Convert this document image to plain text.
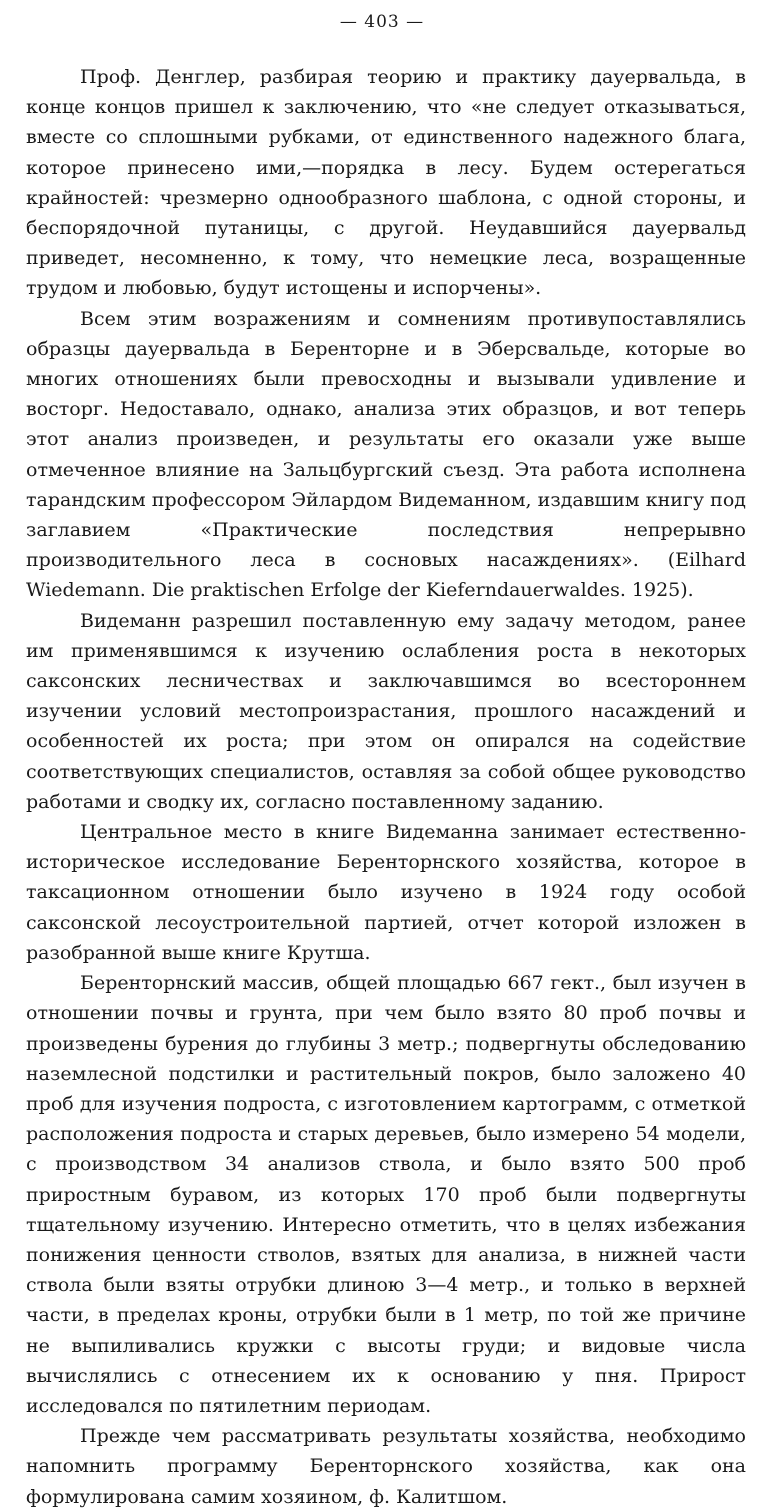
— 403 —

Проф. Денглер, разбирая теорию и практику дауервальда, в конце концов пришел к заключению, что «не следует отказываться, вместе со сплошными рубками, от единственного надежного блага, которое принесено ими,—порядка в лесу. Будем остерегаться крайностей: чрезмерно однообразного шаблона, с одной стороны, и беспорядочной путаницы, с другой. Неудавшийся дауервальд приведет, несомненно, к тому, что немецкие леса, возращенные трудом и любовью, будут истощены и испорчены».

Всем этим возражениям и сомнениям противупоставлялись образцы дауервальда в Беренторне и в Эберсвальде, которые во многих отношениях были превосходны и вызывали удивление и восторг. Недоставало, однако, анализа этих образцов, и вот теперь этот анализ произведен, и результаты его оказали уже выше отмеченное влияние на Зальцбургский съезд. Эта работа исполнена тарандским профессором Эйлардом Видеманном, издавшим книгу под заглавием «Практические последствия непрерывно производительного леса в сосновых насаждениях». (Eilhard Wiedemann. Die praktischen Erfolge der Kieferndauerwaldes. 1925).

Видеманн разрешил поставленную ему задачу методом, ранее им применявшимся к изучению ослабления роста в некоторых саксонских лесничествах и заключавшимся во всестороннем изучении условий местопроизрастания, прошлого насаждений и особенностей их роста; при этом он опирался на содействие соответствующих специалистов, оставляя за собой общее руководство работами и сводку их, согласно поставленному заданию.

Центральное место в книге Видеманна занимает естественно-историческое исследование Беренторнского хозяйства, которое в таксационном отношении было изучено в 1924 году особой саксонской лесоустроительной партией, отчет которой изложен в разобранной выше книге Крутша.

Беренторнский массив, общей площадью 667 гект., был изучен в отношении почвы и грунта, при чем было взято 80 проб почвы и произведены бурения до глубины 3 метр.; подвергнуты обследованию наземлесной подстилки и растительный покров, было заложено 40 проб для изучения подроста, с изготовлением картограмм, с отметкой расположения подроста и старых деревьев, было измерено 54 модели, с производством 34 анализов ствола, и было взято 500 проб приростным буравом, из которых 170 проб были подвергнуты тщательному изучению. Интересно отметить, что в целях избежания понижения ценности стволов, взятых для анализа, в нижней части ствола были взяты отрубки длиною 3—4 метр., и только в верхней части, в пределах кроны, отрубки были в 1 метр, по той же причине не выпиливались кружки с высоты груди; и видовые числа вычислялись с отнесением их к основанию у пня. Прирост исследовался по пятилетним периодам.

Прежде чем рассматривать результаты хозяйства, необходимо напомнить программу Беренторнского хозяйства, как она формулирована самим хозяином, ф. Калитшом.
